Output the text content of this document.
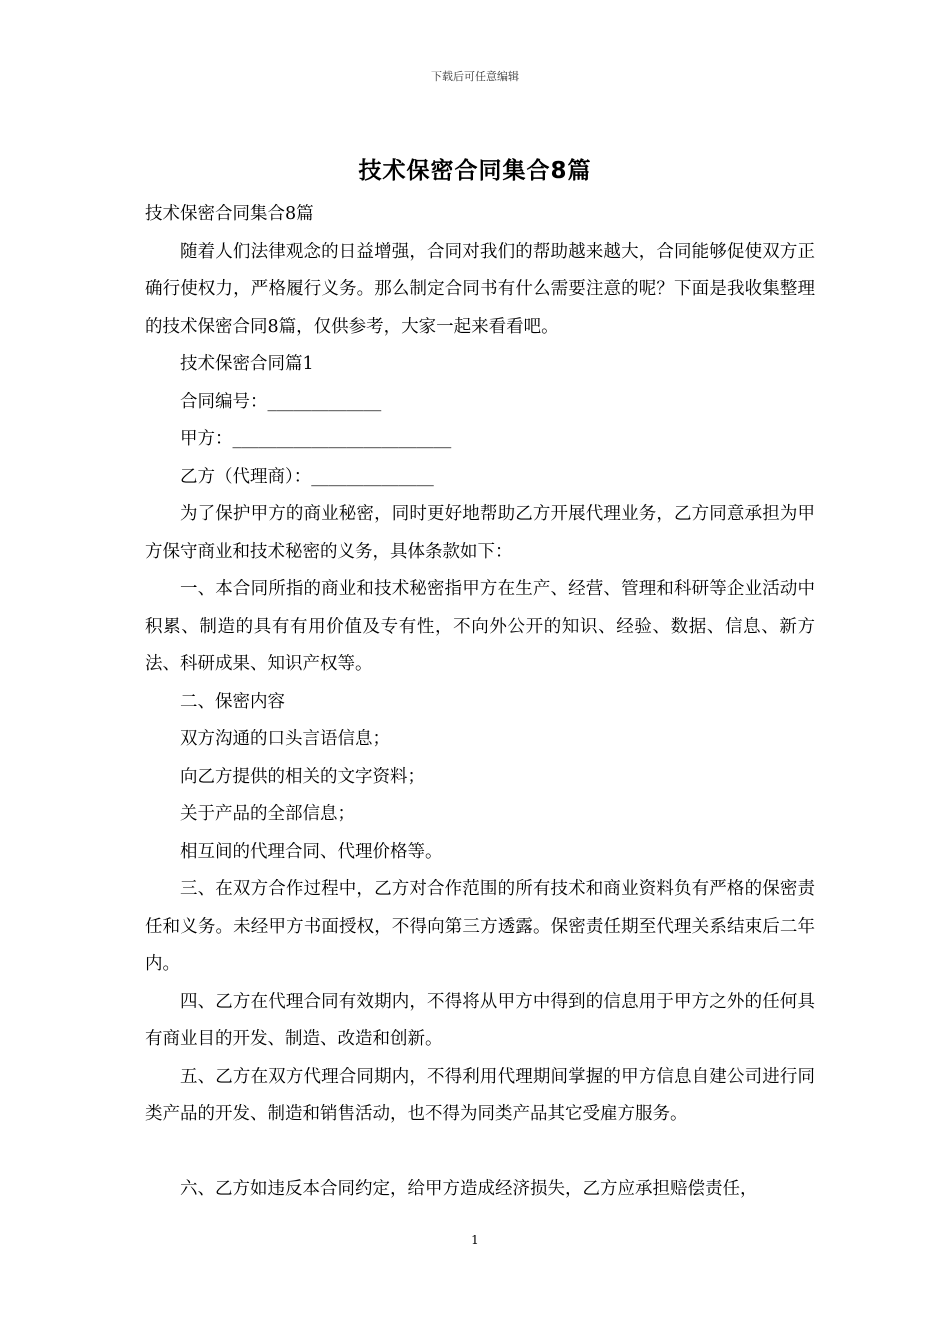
下载后可任意编辑
技术保密合同集合8篇

技术保密合同集合8篇

随着人们法律观念的日益增强，合同对我们的帮助越来越大，合同能够促使双方正确行使权力，严格履行义务。那么制定合同书有什么需要注意的呢？下面是我收集整理的技术保密合同8篇，仅供参考，大家一起来看看吧。

技术保密合同篇1

合同编号：_____________

甲方：_________________________

乙方（代理商）：______________

为了保护甲方的商业秘密，同时更好地帮助乙方开展代理业务，乙方同意承担为甲方保守商业和技术秘密的义务，具体条款如下：

一、本合同所指的商业和技术秘密指甲方在生产、经营、管理和科研等企业活动中积累、制造的具有有用价值及专有性，不向外公开的知识、经验、数据、信息、新方法、科研成果、知识产权等。

二、保密内容

双方沟通的口头言语信息；

向乙方提供的相关的文字资料；

关于产品的全部信息；

相互间的代理合同、代理价格等。

三、在双方合作过程中，乙方对合作范围的所有技术和商业资料负有严格的保密责任和义务。未经甲方书面授权，不得向第三方透露。保密责任期至代理关系结束后二年内。

四、乙方在代理合同有效期内，不得将从甲方中得到的信息用于甲方之外的任何具有商业目的开发、制造、改造和创新。

五、乙方在双方代理合同期内，不得利用代理期间掌握的甲方信息自建公司进行同类产品的开发、制造和销售活动，也不得为同类产品其它受雇方服务。

六、乙方如违反本合同约定，给甲方造成经济损失，乙方应承担赔偿责任，

1
